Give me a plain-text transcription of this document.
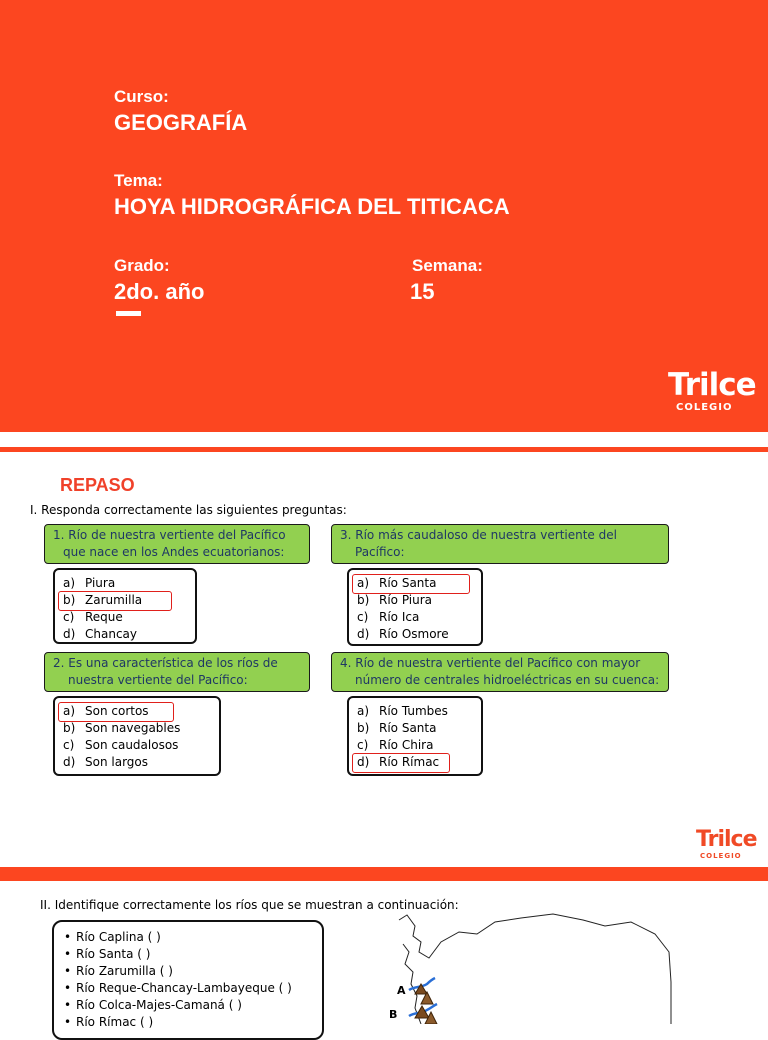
Curso:
GEOGRAFÍA
Tema:
HOYA HIDROGRÁFICA DEL TITICACA
Grado:
2do. año
Semana:
15
Trilce
COLEGIO
REPASO
I. Responda correctamente las siguientes preguntas:
1. Río de nuestra vertiente del Pacífico
que nace en los Andes ecuatorianos:
a) Piura
b) Zarumilla
c) Reque
d) Chancay
2. Es una característica de los ríos de
nuestra vertiente del Pacífico:
a) Son cortos
b) Son navegables
c) Son caudalosos
d) Son largos
3. Río más caudaloso de nuestra vertiente del
Pacífico:
a) Río Santa
b) Río Piura
c) Río Ica
d) Río Osmore
4. Río de nuestra vertiente del Pacífico con mayor
número de centrales hidroeléctricas en su cuenca:
a) Río Tumbes
b) Río Santa
c) Río Chira
d) Río Rímac
Trilce
COLEGIO
II. Identifique correctamente los ríos que se muestran a continuación:
• Río Caplina ( )
• Río Santa ( )
• Río Zarumilla ( )
• Río Reque-Chancay-Lambayeque ( )
• Río Colca-Majes-Camaná ( )
• Río Rímac ( )
A
B
